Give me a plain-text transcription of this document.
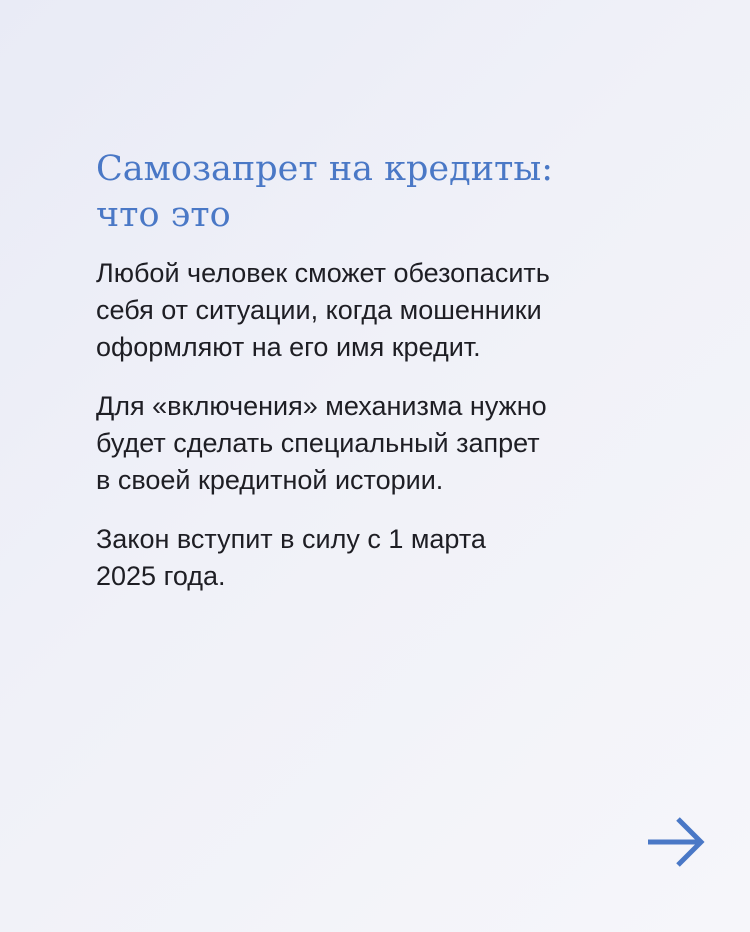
Самозапрет на кредиты:
что это

Любой человек сможет обезопасить
себя от ситуации, когда мошенники
оформляют на его имя кредит.

Для «включения» механизма нужно
будет сделать специальный запрет
в своей кредитной истории.

Закон вступит в силу с 1 марта
2025 года.
